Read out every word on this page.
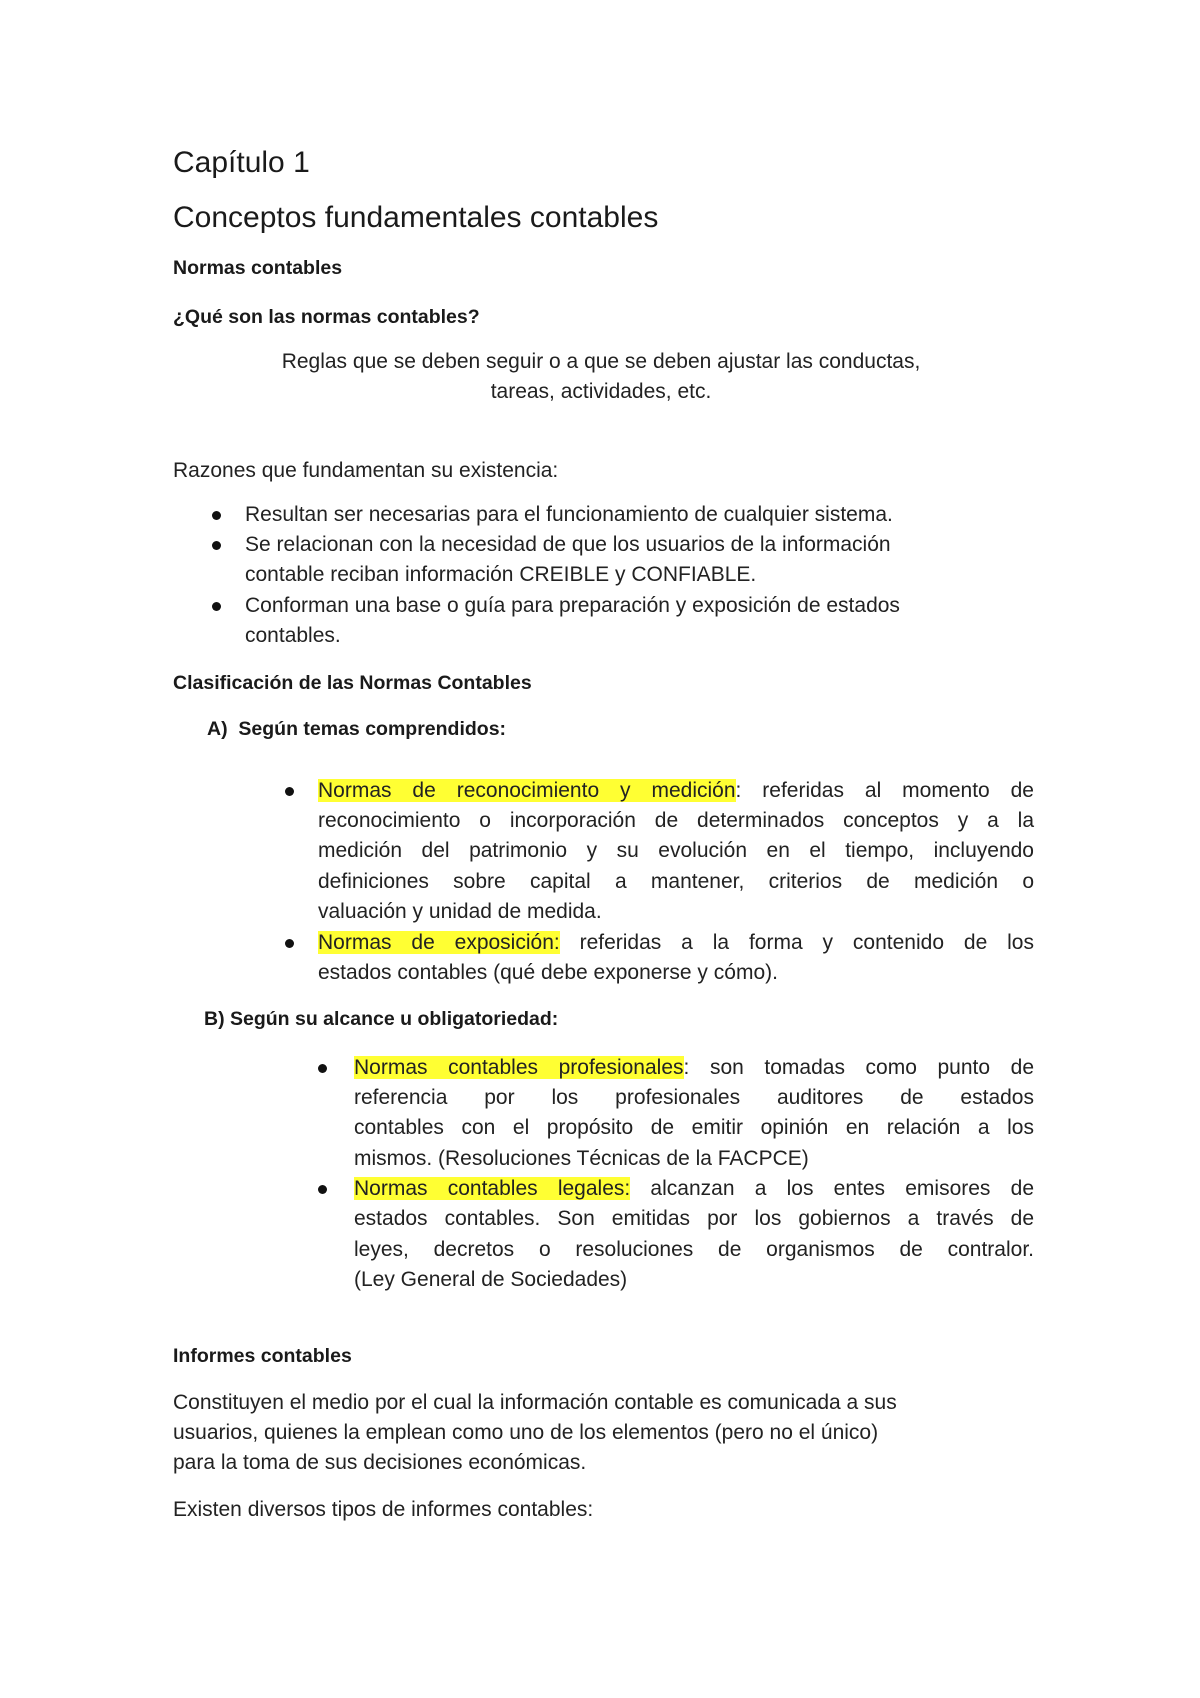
Capítulo 1
Conceptos fundamentales contables
Normas contables
¿Qué son las normas contables?

Reglas que se deben seguir o a que se deben ajustar las conductas,

tareas, actividades, etc.

Razones que fundamentan su existencia:

Resultan ser necesarias para el funcionamiento de cualquier sistema.

Se relacionan con la necesidad de que los usuarios de la información

contable reciban información CREIBLE y CONFIABLE.

Conforman una base o guía para preparación y exposición de estados

contables.

Clasificación de las Normas Contables
A)  Según temas comprendidos:

Normas de reconocimiento y medición: referidas al momento de

reconocimiento o incorporación de determinados conceptos y a la

medición del patrimonio y su evolución en el tiempo, incluyendo

definiciones sobre capital a mantener, criterios de medición o

valuación y unidad de medida.

Normas de exposición: referidas a la forma y contenido de los

estados contables (qué debe exponerse y cómo).

B) Según su alcance u obligatoriedad:

Normas contables profesionales: son tomadas como punto de

referencia por los profesionales auditores de estados

contables con el propósito de emitir opinión en relación a los

mismos. (Resoluciones Técnicas de la FACPCE)

Normas contables legales: alcanzan a los entes emisores de

estados contables. Son emitidas por los gobiernos a través de

leyes, decretos o resoluciones de organismos de contralor.

(Ley General de Sociedades)

Informes contables

Constituyen el medio por el cual la información contable es comunicada a sus

usuarios, quienes la emplean como uno de los elementos (pero no el único)

para la toma de sus decisiones económicas.

Existen diversos tipos de informes contables:
